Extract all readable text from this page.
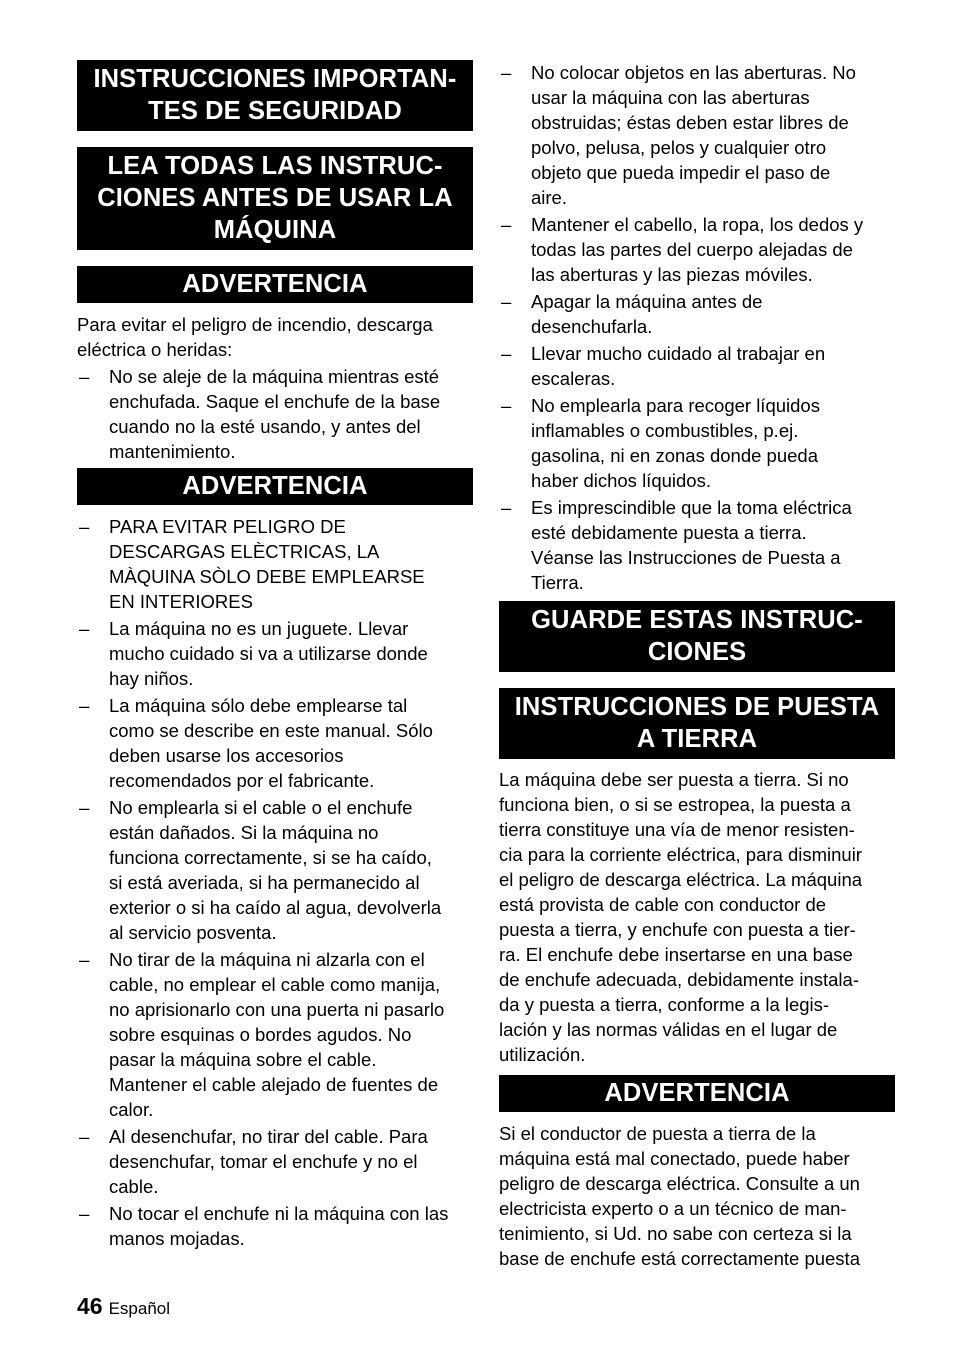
INSTRUCCIONES IMPORTAN-
TES DE SEGURIDAD
LEA TODAS LAS INSTRUC-
CIONES ANTES DE USAR LA
MÁQUINA
ADVERTENCIA

Para evitar el peligro de incendio, descarga
eléctrica o heridas:

– No se aleje de la máquina mientras esté
enchufada. Saque el enchufe de la base
cuando no la esté usando, y antes del
mantenimiento.
ADVERTENCIA
– PARA EVITAR PELIGRO DE
DESCARGAS ELÈCTRICAS, LA
MÀQUINA SÒLO DEBE EMPLEARSE
EN INTERIORES
– La máquina no es un juguete. Llevar
mucho cuidado si va a utilizarse donde
hay niños.
– La máquina sólo debe emplearse tal
como se describe en este manual. Sólo
deben usarse los accesorios
recomendados por el fabricante.
– No emplearla si el cable o el enchufe
están dañados. Si la máquina no
funciona correctamente, si se ha caído,
si está averiada, si ha permanecido al
exterior o si ha caído al agua, devolverla
al servicio posventa.
– No tirar de la máquina ni alzarla con el
cable, no emplear el cable como manija,
no aprisionarlo con una puerta ni pasarlo
sobre esquinas o bordes agudos. No
pasar la máquina sobre el cable.
Mantener el cable alejado de fuentes de
calor.
– Al desenchufar, no tirar del cable. Para
desenchufar, tomar el enchufe y no el
cable.
– No tocar el enchufe ni la máquina con las
manos mojadas.
– No colocar objetos en las aberturas. No
usar la máquina con las aberturas
obstruidas; éstas deben estar libres de
polvo, pelusa, pelos y cualquier otro
objeto que pueda impedir el paso de
aire.
– Mantener el cabello, la ropa, los dedos y
todas las partes del cuerpo alejadas de
las aberturas y las piezas móviles.
– Apagar la máquina antes de
desenchufarla.
– Llevar mucho cuidado al trabajar en
escaleras.
– No emplearla para recoger líquidos
inflamables o combustibles, p.ej.
gasolina, ni en zonas donde pueda
haber dichos líquidos.
– Es imprescindible que la toma eléctrica
esté debidamente puesta a tierra.
Véanse las Instrucciones de Puesta a
Tierra.
GUARDE ESTAS INSTRUC-
CIONES
INSTRUCCIONES DE PUESTA
A TIERRA

La máquina debe ser puesta a tierra. Si no
funciona bien, o si se estropea, la puesta a
tierra constituye una vía de menor resisten-
cia para la corriente eléctrica, para disminuir
el peligro de descarga eléctrica. La máquina
está provista de cable con conductor de
puesta a tierra, y enchufe con puesta a tier-
ra. El enchufe debe insertarse en una base
de enchufe adecuada, debidamente instala-
da y puesta a tierra, conforme a la legis-
lación y las normas válidas en el lugar de
utilización.

ADVERTENCIA

Si el conductor de puesta a tierra de la
máquina está mal conectado, puede haber
peligro de descarga eléctrica. Consulte a un
electricista experto o a un técnico de man-
tenimiento, si Ud. no sabe con certeza si la
base de enchufe está correctamente puesta

46 Español
